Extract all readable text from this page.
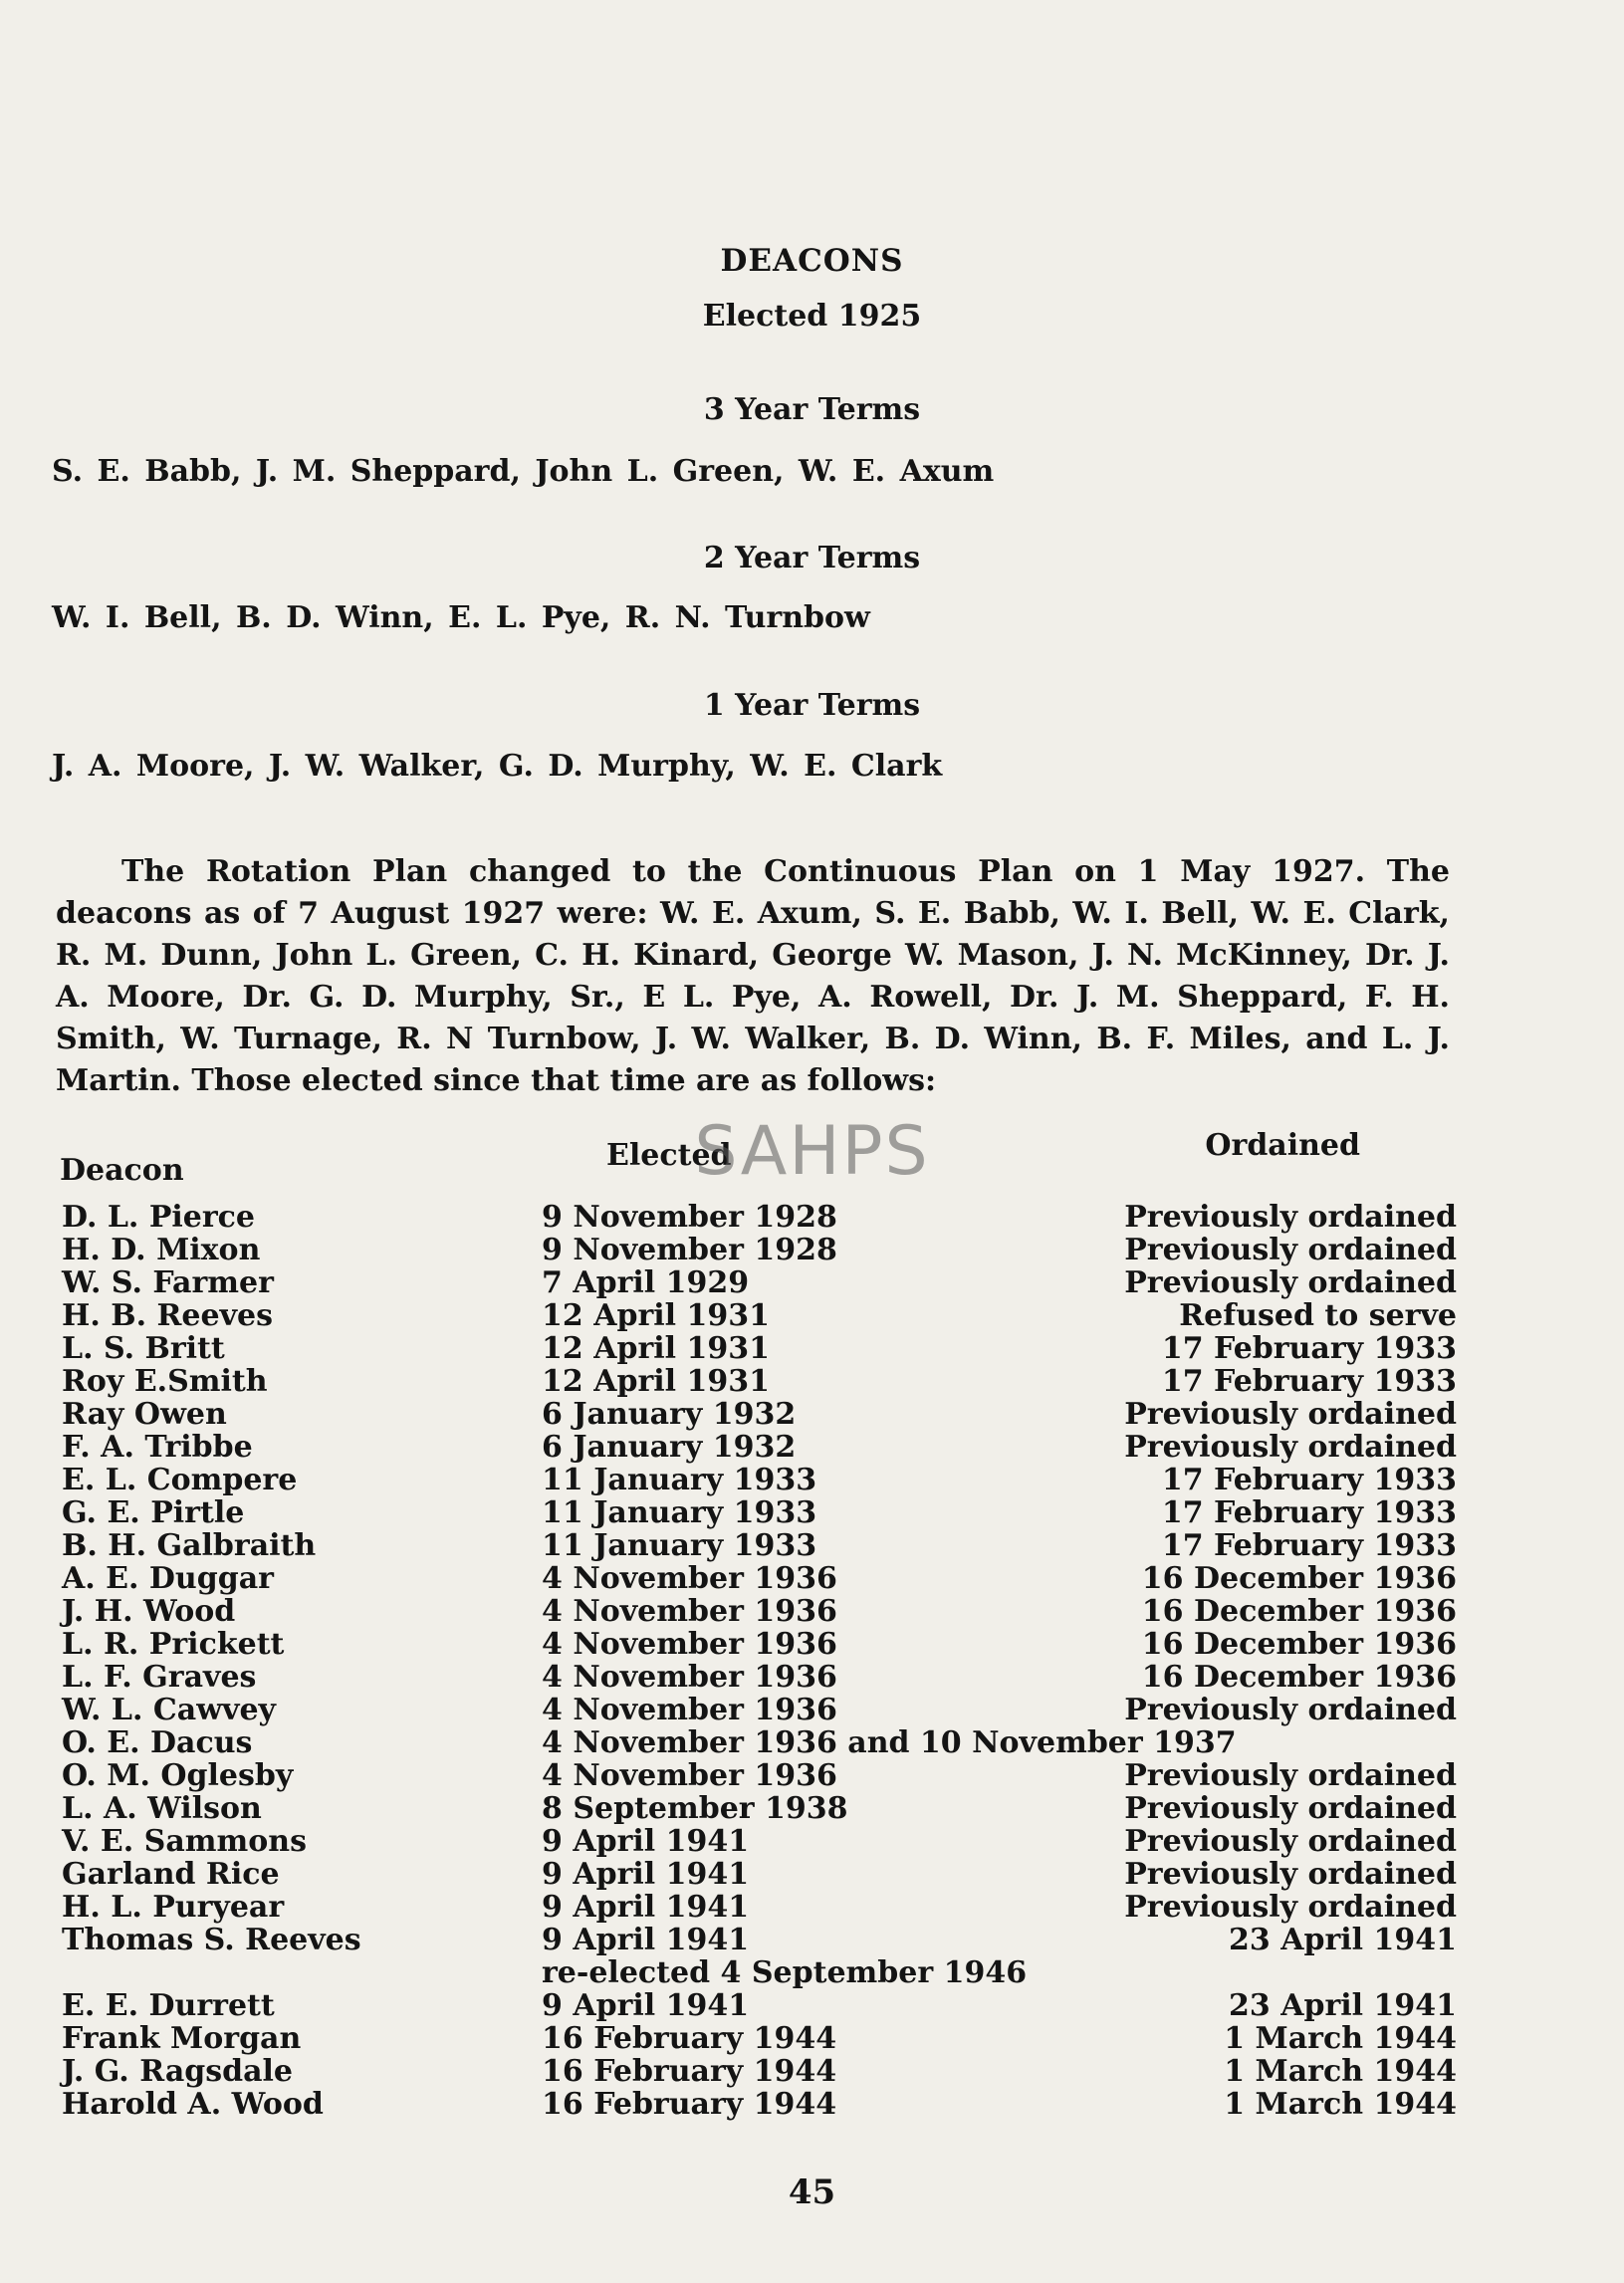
DEACONS
Elected 1925
3 Year Terms
S. E. Babb, J. M. Sheppard, John L. Green, W. E. Axum
2 Year Terms
W. I. Bell, B. D. Winn, E. L. Pye, R. N. Turnbow
1 Year Terms
J. A. Moore, J. W. Walker, G. D. Murphy, W. E. Clark

The Rotation Plan changed to the Continuous Plan on 1 May 1927. The deacons as of 7 August 1927 were: W. E. Axum, S. E. Babb, W. I. Bell, W. E. Clark, R. M. Dunn, John L. Green, C. H. Kinard, George W. Mason, J. N. McKinney, Dr. J. A. Moore, Dr. G. D. Murphy, Sr., E L. Pye, A. Rowell, Dr. J. M. Sheppard, F. H. Smith, W. Turnage, R. N Turnbow, J. W. Walker, B. D. Winn, B. F. Miles, and L. J. Martin. Those elected since that time are as follows:

Deacon	Elected	Ordained
SAHPS
D. L. Pierce	9 November 1928	Previously ordained
H. D. Mixon	9 November 1928	Previously ordained
W. S. Farmer	7 April 1929	Previously ordained
H. B. Reeves	12 April 1931	Refused to serve
L. S. Britt	12 April 1931	17 February 1933
Roy E.Smith	12 April 1931	17 February 1933
Ray Owen	6 January 1932	Previously ordained
F. A. Tribbe	6 January 1932	Previously ordained
E. L. Compere	11 January 1933	17 February 1933
G. E. Pirtle	11 January 1933	17 February 1933
B. H. Galbraith	11 January 1933	17 February 1933
A. E. Duggar	4 November 1936	16 December 1936
J. H. Wood	4 November 1936	16 December 1936
L. R. Prickett	4 November 1936	16 December 1936
L. F. Graves	4 November 1936	16 December 1936
W. L. Cawvey	4 November 1936	Previously ordained
O. E. Dacus	4 November 1936 and 10 November 1937
O. M. Oglesby	4 November 1936	Previously ordained
L. A. Wilson	8 September 1938	Previously ordained
V. E. Sammons	9 April 1941	Previously ordained
Garland Rice	9 April 1941	Previously ordained
H. L. Puryear	9 April 1941	Previously ordained
Thomas S. Reeves	9 April 1941	23 April 1941
re-elected 4 September 1946
E. E. Durrett	9 April 1941	23 April 1941
Frank Morgan	16 February 1944	1 March 1944
J. G. Ragsdale	16 February 1944	1 March 1944
Harold A. Wood	16 February 1944	1 March 1944
45
